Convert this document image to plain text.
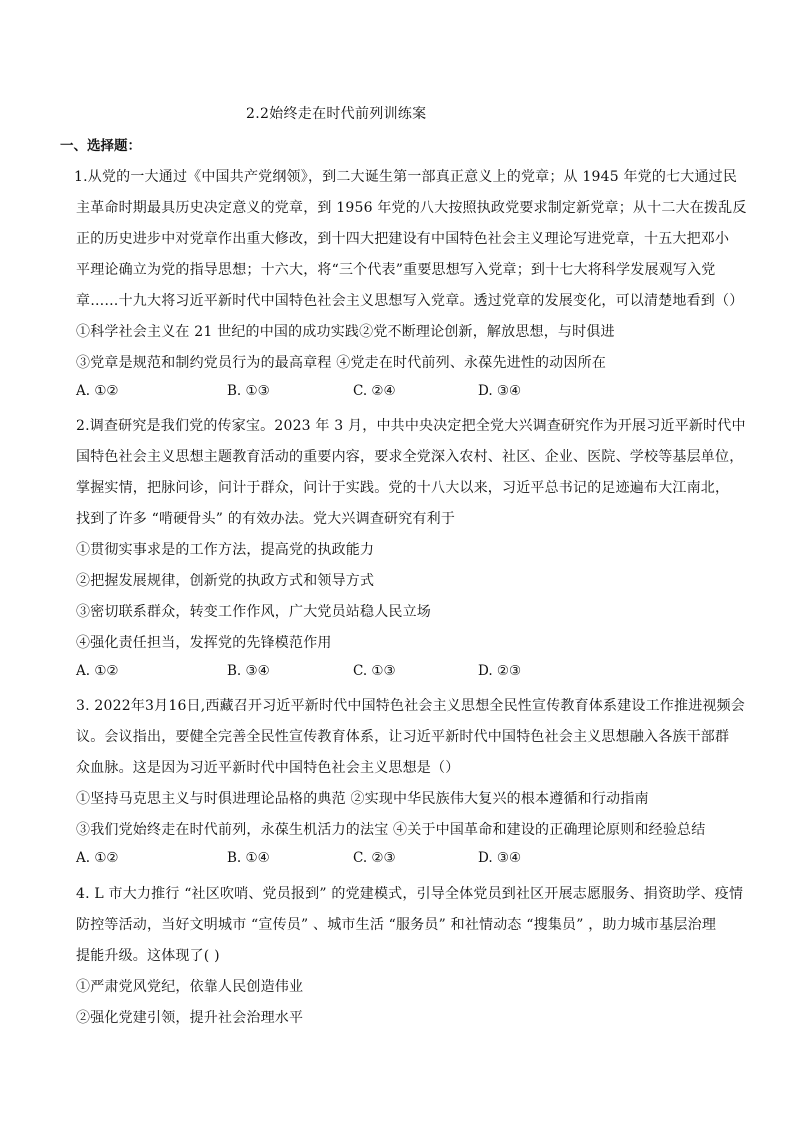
2.2始终走在时代前列训练案
一、选择题：
1.从党的一大通过《中国共产党纲领》，到二大诞生第一部真正意义上的党章；从 1945 年党的七大通过民
主革命时期最具历史决定意义的党章，到 1956 年党的八大按照执政党要求制定新党章；从十二大在拨乱反
正的历史进步中对党章作出重大修改，到十四大把建设有中国特色社会主义理论写进党章，十五大把邓小
平理论确立为党的指导思想；十六大，将“三个代表”重要思想写入党章；到十七大将科学发展观写入党
章……十九大将习近平新时代中国特色社会主义思想写入党章。透过党章的发展变化，可以清楚地看到（）
①科学社会主义在 21 世纪的中国的成功实践②党不断理论创新，解放思想，与时俱进
③党章是规范和制约党员行为的最高章程 ④党走在时代前列、永葆先进性的动因所在
A. ①②	B. ①③	C. ②④	D. ③④
2.调查研究是我们党的传家宝。2023 年 3 月，中共中央决定把全党大兴调查研究作为开展习近平新时代中
国特色社会主义思想主题教育活动的重要内容，要求全党深入农村、社区、企业、医院、学校等基层单位，
掌握实情，把脉问诊，问计于群众，问计于实践。党的十八大以来，习近平总书记的足迹遍布大江南北，
找到了许多 “啃硬骨头” 的有效办法。党大兴调查研究有利于
①贯彻实事求是的工作方法，提高党的执政能力
②把握发展规律，创新党的执政方式和领导方式
③密切联系群众，转变工作作风，广大党员站稳人民立场
④强化责任担当，发挥党的先锋模范作用
A. ①②	B. ③④	C. ①③	D. ②③
3. 2022年3月16日,西藏召开习近平新时代中国特色社会主义思想全民性宣传教育体系建设工作推进视频会
议。会议指出，要健全完善全民性宣传教育体系，让习近平新时代中国特色社会主义思想融入各族干部群
众血脉。这是因为习近平新时代中国特色社会主义思想是（）
①坚持马克思主义与时俱进理论品格的典范 ②实现中华民族伟大复兴的根本遵循和行动指南
③我们党始终走在时代前列，永葆生机活力的法宝 ④关于中国革命和建设的正确理论原则和经验总结
A. ①②	B. ①④	C. ②③	D. ③④
4. L 市大力推行 “社区吹哨、党员报到” 的党建模式，引导全体党员到社区开展志愿服务、捐资助学、疫情
防控等活动，当好文明城市 “宣传员” 、城市生活 “服务员” 和社情动态 “搜集员” ，助力城市基层治理
提能升级。这体现了( )
①严肃党风党纪，依靠人民创造伟业
②强化党建引领，提升社会治理水平
